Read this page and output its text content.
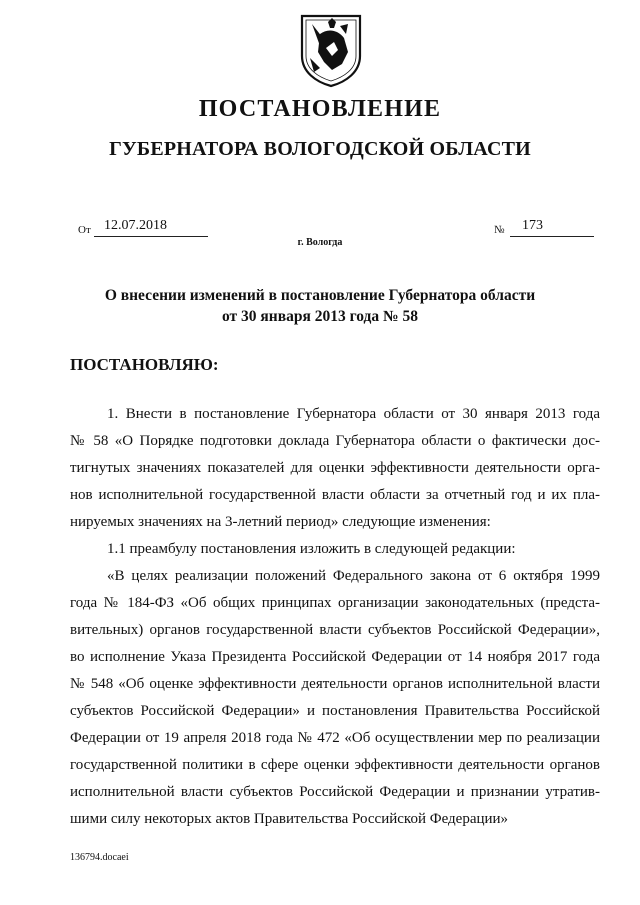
ПОСТАНОВЛЕНИЕ
ГУБЕРНАТОРА ВОЛОГОДСКОЙ ОБЛАСТИ
От 12.07.2018	№ 173
г. Вологда
О внесении изменений в постановление Губернатора области
от 30 января 2013 года № 58
ПОСТАНОВЛЯЮ:
1. Внести в постановление Губернатора области от 30 января 2013 года
№ 58 «О Порядке подготовки доклада Губернатора области о фактически дос-
тигнутых значениях показателей для оценки эффективности деятельности орга-
нов исполнительной государственной власти области за отчетный год и их пла-
нируемых значениях на 3-летний период» следующие изменения:
1.1 преамбулу постановления изложить в следующей редакции:
«В целях реализации положений Федерального закона от 6 октября 1999
года № 184-ФЗ «Об общих принципах организации законодательных (предста-
вительных) органов государственной власти субъектов Российской Федерации»,
во исполнение Указа Президента Российской Федерации от 14 ноября 2017 года
№ 548 «Об оценке эффективности деятельности органов исполнительной власти
субъектов Российской Федерации» и постановления Правительства Российской
Федерации от 19 апреля 2018 года № 472 «Об осуществлении мер по реализации
государственной политики в сфере оценки эффективности деятельности органов
исполнительной власти субъектов Российской Федерации и признании утратив-
шими силу некоторых актов Правительства Российской Федерации»
136794.docaei
